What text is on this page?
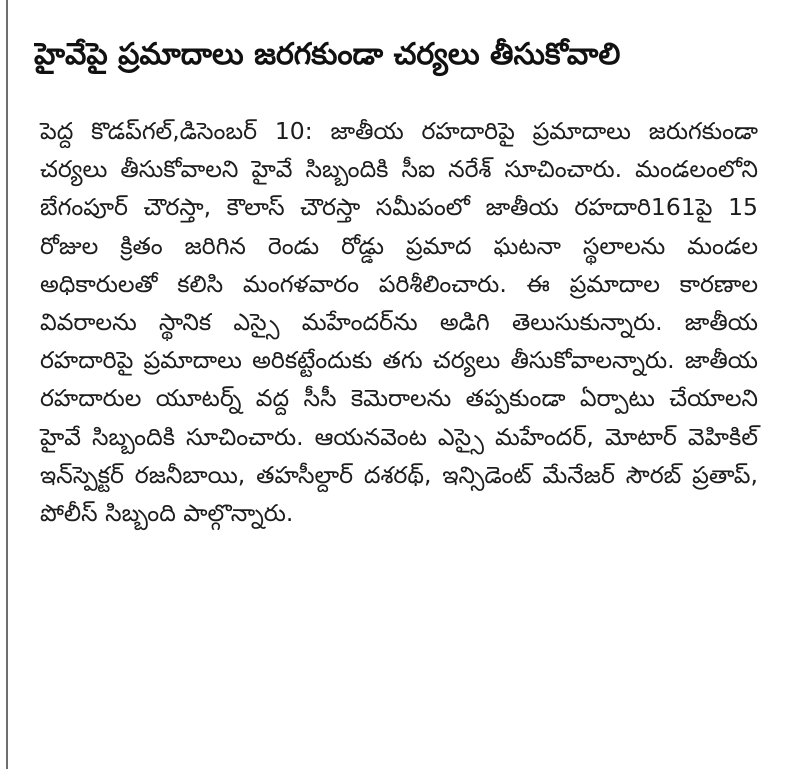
హైవేపై ప్రమాదాలు జరగకుండా చర్యలు తీసుకోవాలి

పెద్ద కొడప్‌గల్,డిసెంబర్ 10: జాతీయ రహదారిపై ప్రమాదాలు జరుగకుండా చర్యలు తీసుకోవాలని హైవే సిబ్బందికి సీఐ నరేశ్ సూచించారు. మండలంలోని బేగంపూర్ చౌరస్తా, కౌలాస్ చౌరస్తా సమీపంలో జాతీయ రహదారి161పై 15 రోజుల క్రితం జరిగిన రెండు రోడ్డు ప్రమాద ఘటనా స్థలాలను మండల అధికారులతో కలిసి మంగళవారం పరిశీలించారు. ఈ ప్రమాదాల కారణాల వివరాలను స్థానిక ఎస్సై మహేందర్‌ను అడిగి తెలుసుకున్నారు. జాతీయ రహదారిపై ప్రమాదాలు అరికట్టేందుకు తగు చర్యలు తీసుకోవాలన్నారు. జాతీయ రహదారుల యూటర్న్ వద్ద సీసీ కెమెరాలను తప్పకుండా ఏర్పాటు చేయాలని హైవే సిబ్బందికి సూచించారు. ఆయనవెంట ఎస్సై మహేందర్, మోటార్ వెహికిల్ ఇన్‌స్పెక్టర్ రజనీబాయి, తహసీల్దార్ దశరథ్, ఇన్సిడెంట్ మేనేజర్ సౌరబ్ ప్రతాప్, పోలీస్ సిబ్బంది పాల్గొన్నారు.
